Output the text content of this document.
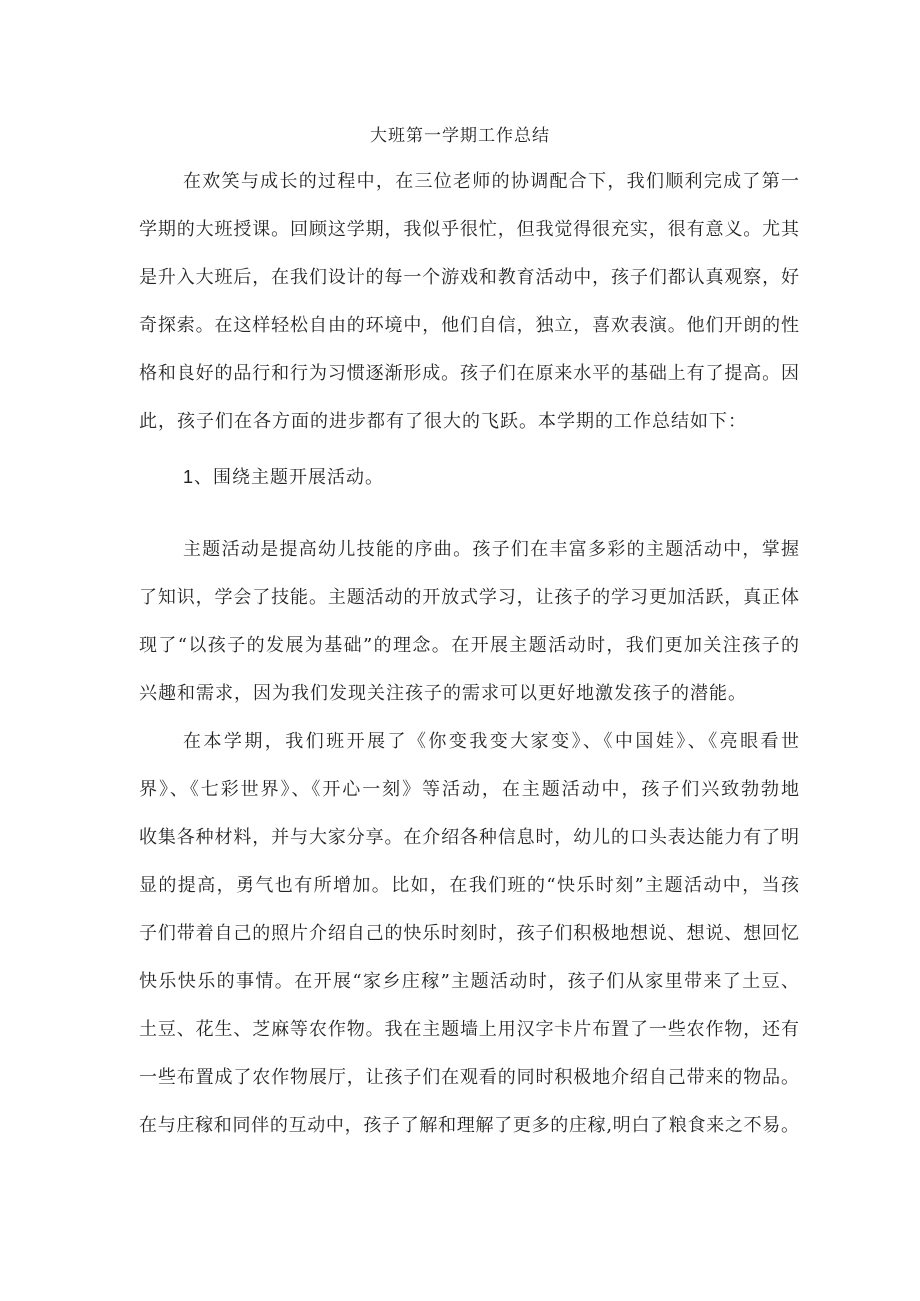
大班第一学期工作总结
在欢笑与成长的过程中，在三位老师的协调配合下，我们顺利完成了第一
学期的大班授课。回顾这学期，我似乎很忙，但我觉得很充实，很有意义。尤其
是升入大班后，在我们设计的每一个游戏和教育活动中，孩子们都认真观察，好
奇探索。在这样轻松自由的环境中，他们自信，独立，喜欢表演。他们开朗的性
格和良好的品行和行为习惯逐渐形成。孩子们在原来水平的基础上有了提高。因
此，孩子们在各方面的进步都有了很大的飞跃。本学期的工作总结如下：
1、围绕主题开展活动。
主题活动是提高幼儿技能的序曲。孩子们在丰富多彩的主题活动中，掌握
了知识，学会了技能。主题活动的开放式学习，让孩子的学习更加活跃，真正体
现了“以孩子的发展为基础”的理念。在开展主题活动时，我们更加关注孩子的
兴趣和需求，因为我们发现关注孩子的需求可以更好地激发孩子的潜能。
在本学期，我们班开展了《你变我变大家变》、《中国娃》、《亮眼看世
界》、《七彩世界》、《开心一刻》等活动，在主题活动中，孩子们兴致勃勃地
收集各种材料，并与大家分享。在介绍各种信息时，幼儿的口头表达能力有了明
显的提高，勇气也有所增加。比如，在我们班的“快乐时刻”主题活动中，当孩
子们带着自己的照片介绍自己的快乐时刻时，孩子们积极地想说、想说、想回忆
快乐快乐的事情。在开展“家乡庄稼”主题活动时，孩子们从家里带来了土豆、
土豆、花生、芝麻等农作物。我在主题墙上用汉字卡片布置了一些农作物，还有
一些布置成了农作物展厅，让孩子们在观看的同时积极地介绍自己带来的物品。
在与庄稼和同伴的互动中，孩子了解和理解了更多的庄稼,明白了粮食来之不易。
